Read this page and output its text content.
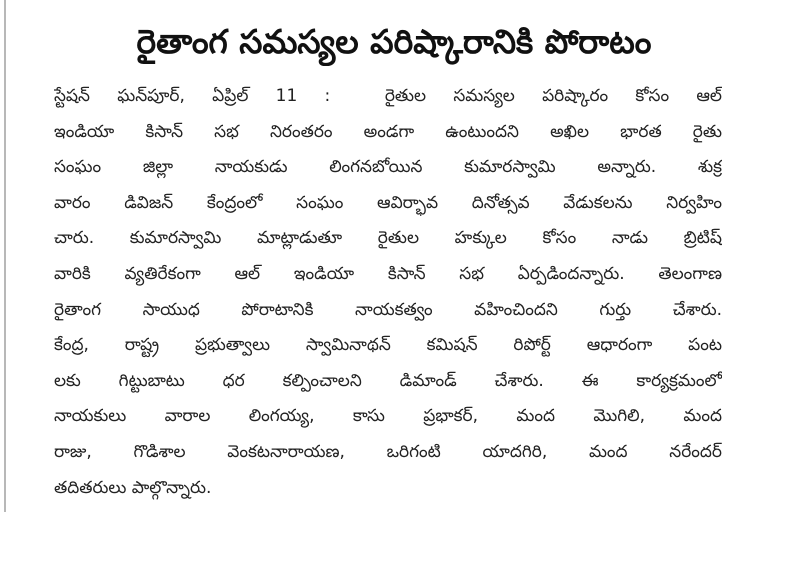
రైతాంగ సమస్యల పరిష్కారానికి పోరాటం
స్టేషన్ ఘన్‌పూర్, ఏప్రిల్ 11 :	రైతుల సమస్యల పరిష్కారం కోసం ఆల్
ఇండియా కిసాన్ సభ నిరంతరం అండగా ఉంటుందని అఖిల భారత రైతు
సంఘం జిల్లా నాయకుడు లింగనబోయిన కుమారస్వామి అన్నారు. శుక్ర
వారం డివిజన్ కేంద్రంలో సంఘం ఆవిర్భావ దినోత్సవ వేడుకలను నిర్వహిం
చారు. కుమారస్వామి మాట్లాడుతూ రైతుల హక్కుల కోసం నాడు బ్రిటిష్
వారికి వ్యతిరేకంగా ఆల్ ఇండియా కిసాన్ సభ ఏర్పడిందన్నారు. తెలంగాణ
రైతాంగ సాయుధ పోరాటానికి నాయకత్వం వహించిందని గుర్తు చేశారు.
కేంద్ర, రాష్ట్ర ప్రభుత్వాలు స్వామినాథన్ కమిషన్ రిపోర్ట్ ఆధారంగా పంట
లకు గిట్టుబాటు ధర కల్పించాలని డిమాండ్ చేశారు. ఈ కార్యక్రమంలో
నాయకులు వారాల లింగయ్య, కాసు ప్రభాకర్, మంద మొగిలి, మంద
రాజు, గొడిశాల వెంకటనారాయణ, ఒరిగంటి యాదగిరి, మంద నరేందర్
తదితరులు పాల్గొన్నారు.
